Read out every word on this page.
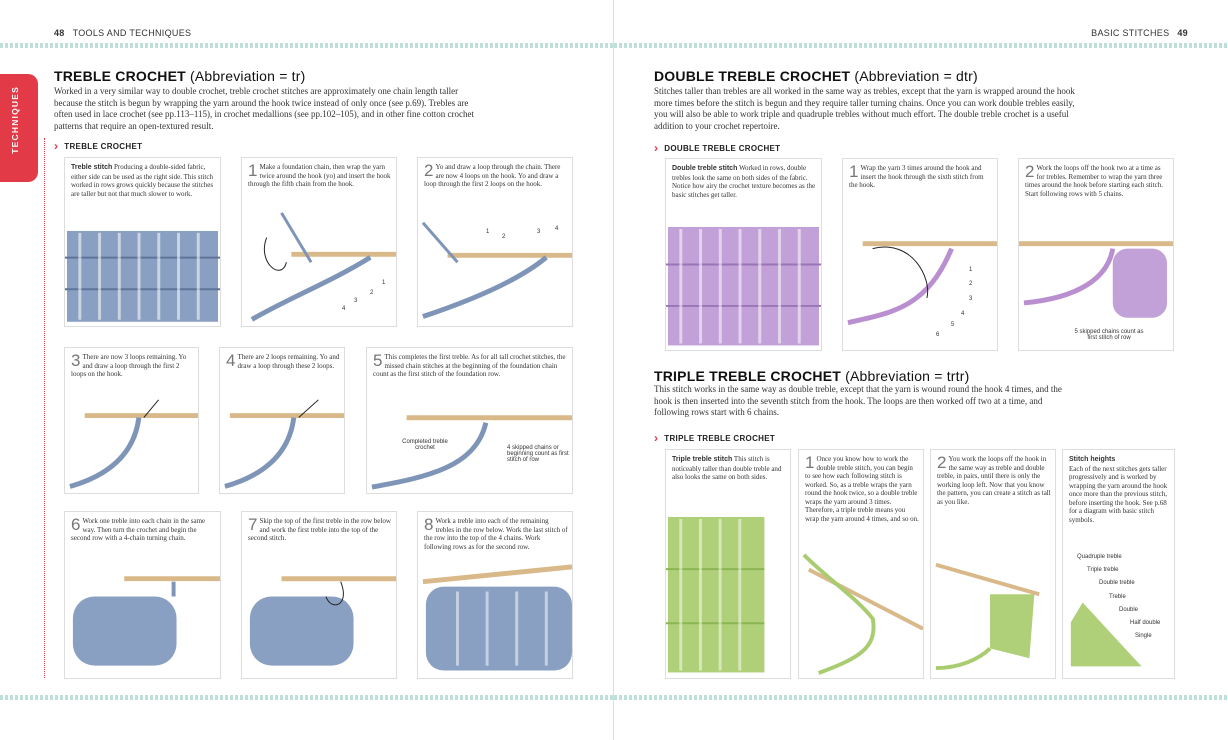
48 TOOLS AND TECHNIQUES
TECHNIQUES
TREBLE CROCHET (Abbreviation = tr)
Worked in a very similar way to double crochet, treble crochet stitches are approximately one chain length taller because the stitch is begun by wrapping the yarn around the hook twice instead of only once (see p.69). Trebles are often used in lace crochet (see pp.113–115), in crochet medallions (see pp.102–105), and in other fine cotton crochet patterns that require an open-textured result.
› TREBLE CROCHET
Treble stitch Producing a double-sided fabric, either side can be used as the right side. This stitch worked in rows grows quickly because the stitches are taller but not that much slower to work.
1 Make a foundation chain, then wrap the yarn twice around the hook (yo) and insert the hook through the fifth chain from the hook.
1
2
3
4
2 Yo and draw a loop through the chain. There are now 4 loops on the hook. Yo and draw a loop through the first 2 loops on the hook.
1
2
3 4
3 There are now 3 loops remaining. Yo and draw a loop through the first 2 loops on the hook.
4 There are 2 loops remaining. Yo and draw a loop through these 2 loops.	5 This completes the first treble. As for all tall crochet stitches, the missed chain stitches at the beginning of the foundation chain count as the first stitch of the foundation row.
Completed treble crochet	4 skipped chains or beginning count as first stitch of row
6 Work one treble into each chain in the same way. Then turn the crochet and begin the second row with a 4-chain turning chain.
7 Skip the top of the first treble in the row below and work the first treble into the top of the second stitch.
8 Work a treble into each of the remaining trebles in the row below. Work the last stitch of the row into the top of the 4 chains. Work following rows as for the second row.
BASIC STITCHES 49
DOUBLE TREBLE CROCHET (Abbreviation = dtr)
Stitches taller than trebles are all worked in the same way as trebles, except that the yarn is wrapped around the hook more times before the stitch is begun and they require taller turning chains. Once you can work double trebles easily, you will also be able to work triple and quadruple trebles without much effort. The double treble crochet is a useful addition to your crochet repertoire.
› DOUBLE TREBLE CROCHET
Double treble stitch Worked in rows, double trebles look the same on both sides of the fabric. Notice how airy the crochet texture becomes as the basic stitches get taller.
1 Wrap the yarn 3 times around the hook and insert the hook through the sixth stitch from the hook.
1
2
3
4
5
6
2 Work the loops off the hook two at a time as for trebles. Remember to wrap the yarn three times around the hook before starting each stitch. Start following rows with 5 chains.
5 skipped chains count as first stitch of row
TRIPLE TREBLE CROCHET (Abbreviation = trtr)
This stitch works in the same way as double treble, except that the yarn is wound round the hook 4 times, and the hook is then inserted into the seventh stitch from the hook. The loops are then worked off two at a time, and following rows start with 6 chains.
› TRIPLE TREBLE CROCHET
Triple treble stitch This stitch is noticeably taller than double treble and also looks the same on both sides.
1 Once you know how to work the double treble stitch, you can begin to see how each following stitch is worked. So, as a treble wraps the yarn round the hook twice, so a double treble wraps the yarn around 3 times. Therefore, a triple treble means you wrap the yarn around 4 times, and so on.
2 You work the loops off the hook in the same way as treble and double treble, in pairs, until there is only the working loop left. Now that you know the pattern, you can create a stitch as tall as you like.
Stitch heights
Each of the next stitches gets taller progressively and is worked by wrapping the yarn around the hook once more than the previous stitch, before inserting the hook. See p.68 for a diagram with basic stitch symbols.
Quadruple treble
Triple treble
Double treble
Treble
Double
Half double
Single
